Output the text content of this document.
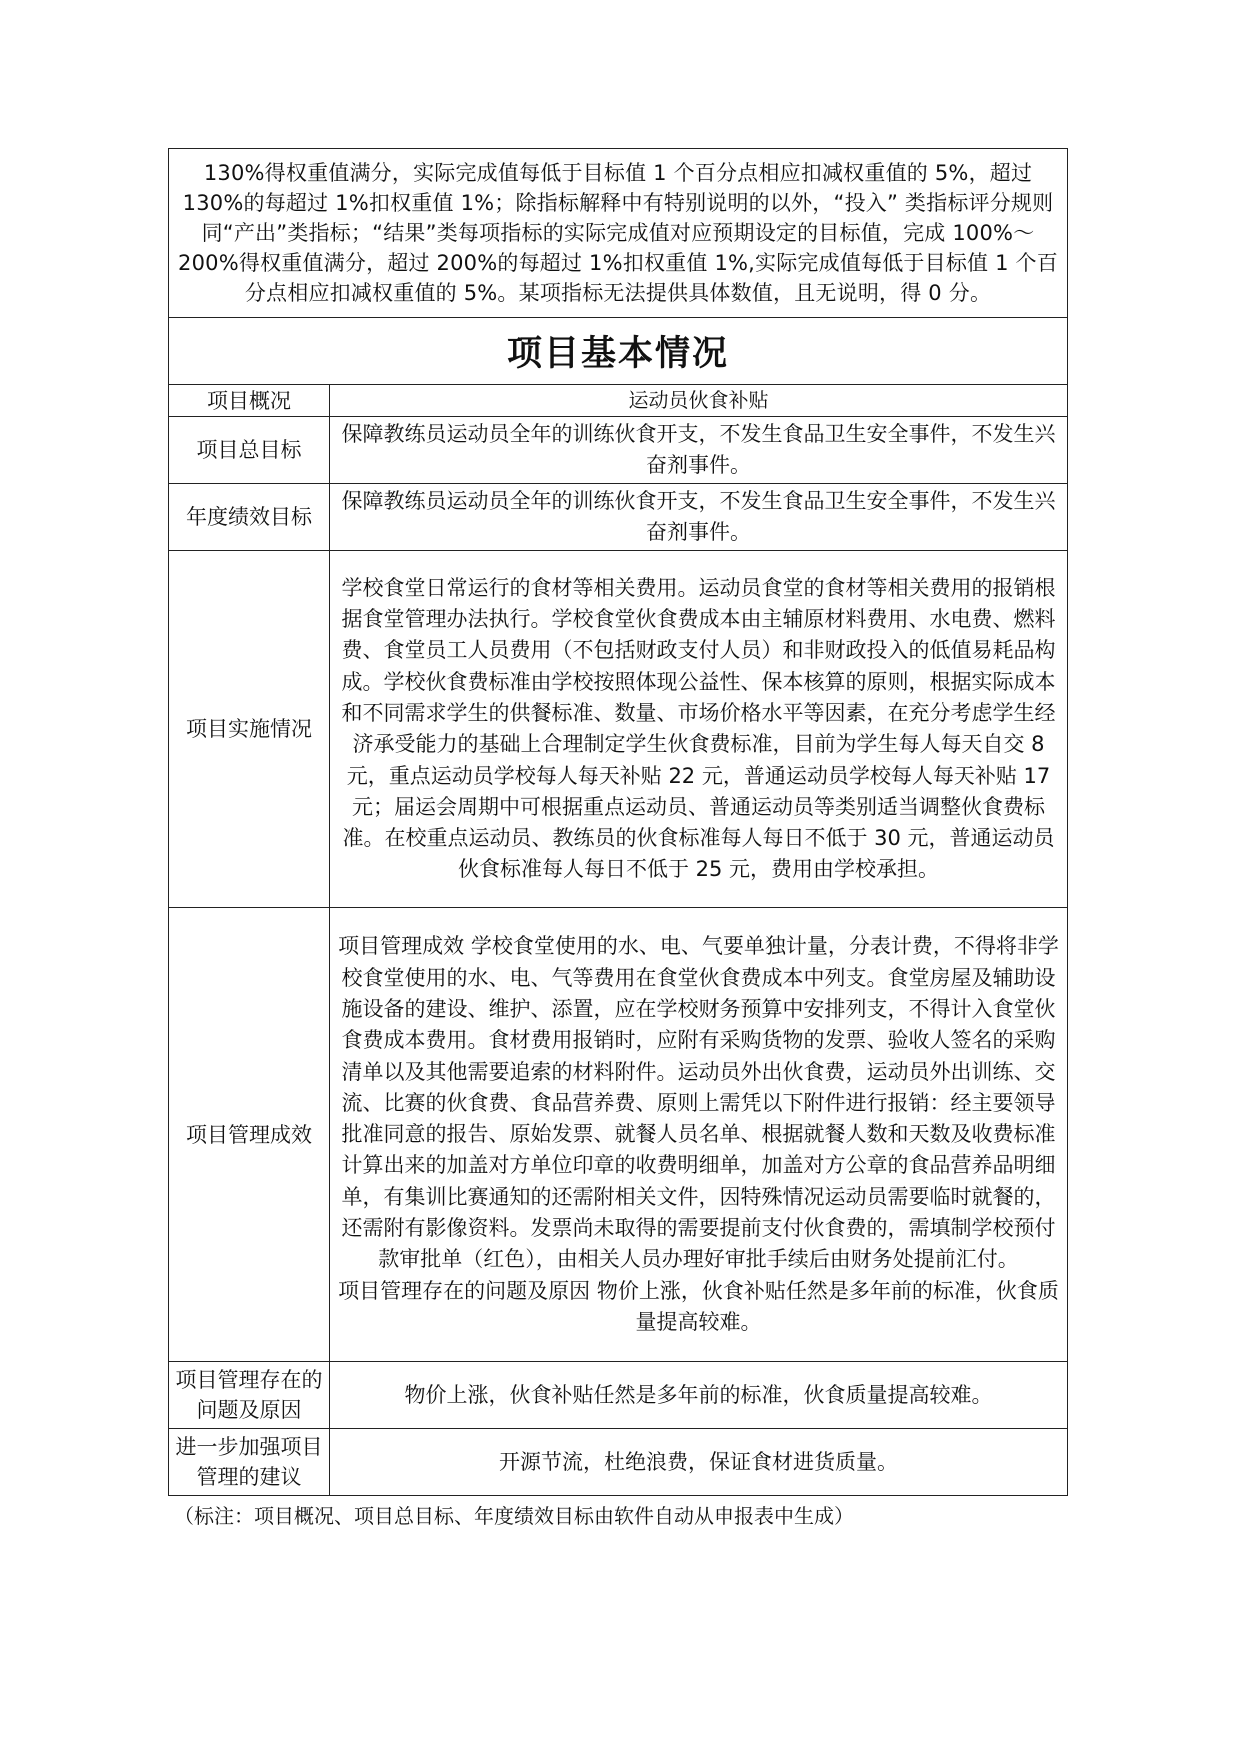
130%得权重值满分，实际完成值每低于目标值 1 个百分点相应扣减权重值的 5%，超过 130%的每超过 1%扣权重值 1%；除指标解释中有特别说明的以外，“投入” 类指标评分规则同“产出”类指标；“结果”类每项指标的实际完成值对应预期设定的目标值，完成 100%～200%得权重值满分，超过 200%的每超过 1%扣权重值 1%,实际完成值每低于目标值 1 个百分点相应扣减权重值的 5%。某项指标无法提供具体数值，且无说明，得 0 分。	
项目基本情况	
项目概况	运动员伙食补贴
项目总目标	保障教练员运动员全年的训练伙食开支，不发生食品卫生安全事件，不发生兴奋剂事件。
年度绩效目标	保障教练员运动员全年的训练伙食开支，不发生食品卫生安全事件，不发生兴奋剂事件。
项目实施情况	学校食堂日常运行的食材等相关费用。运动员食堂的食材等相关费用的报销根据食堂管理办法执行。学校食堂伙食费成本由主辅原材料费用、水电费、燃料费、食堂员工人员费用（不包括财政支付人员）和非财政投入的低值易耗品构成。学校伙食费标准由学校按照体现公益性、保本核算的原则，根据实际成本和不同需求学生的供餐标准、数量、市场价格水平等因素，在充分考虑学生经济承受能力的基础上合理制定学生伙食费标准，目前为学生每人每天自交 8 元，重点运动员学校每人每天补贴 22 元，普通运动员学校每人每天补贴 17 元；届运会周期中可根据重点运动员、普通运动员等类别适当调整伙食费标准。在校重点运动员、教练员的伙食标准每人每日不低于 30 元，普通运动员伙食标准每人每日不低于 25 元，费用由学校承担。
项目管理成效	项目管理成效 学校食堂使用的水、电、气要单独计量，分表计费，不得将非学校食堂使用的水、电、气等费用在食堂伙食费成本中列支。食堂房屋及辅助设施设备的建设、维护、添置，应在学校财务预算中安排列支，不得计入食堂伙食费成本费用。食材费用报销时，应附有采购货物的发票、验收人签名的采购清单以及其他需要追索的材料附件。运动员外出伙食费，运动员外出训练、交流、比赛的伙食费、食品营养费、原则上需凭以下附件进行报销：经主要领导批准同意的报告、原始发票、就餐人员名单、根据就餐人数和天数及收费标准计算出来的加盖对方单位印章的收费明细单，加盖对方公章的食品营养品明细单，有集训比赛通知的还需附相关文件，因特殊情况运动员需要临时就餐的，还需附有影像资料。发票尚未取得的需要提前支付伙食费的，需填制学校预付款审批单（红色），由相关人员办理好审批手续后由财务处提前汇付。

项目管理存在的问题及原因 物价上涨，伙食补贴任然是多年前的标准，伙食质量提高较难。

项目管理存在的问题及原因	物价上涨，伙食补贴任然是多年前的标准，伙食质量提高较难。
进一步加强项目管理的建议	开源节流，杜绝浪费，保证食材进货质量。
（标注：项目概况、项目总目标、年度绩效目标由软件自动从申报表中生成）
